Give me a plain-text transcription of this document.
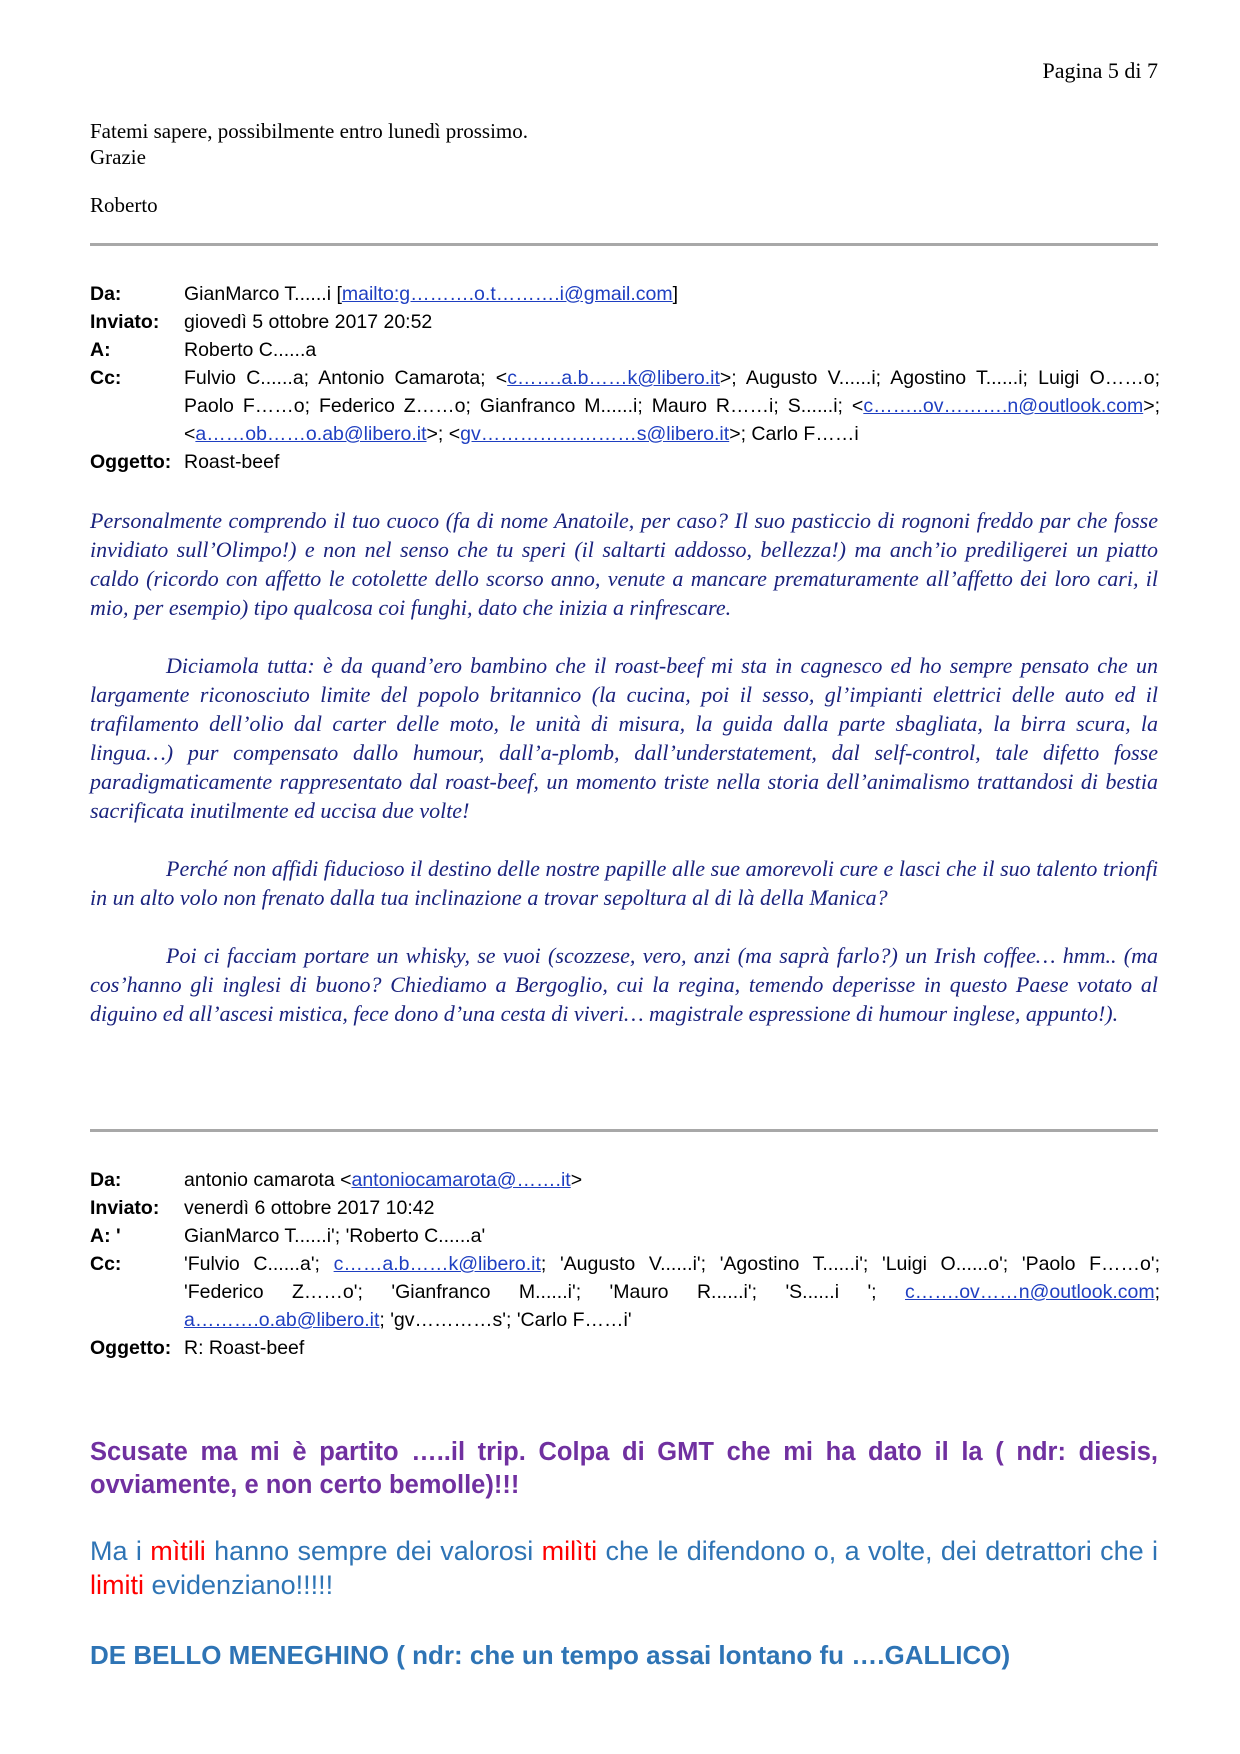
Pagina 5 di 7
Fatemi sapere, possibilmente entro lunedì prossimo.
Grazie
Roberto
Da:	GianMarco T......i [mailto:g……….o.t……….i@gmail.com]
Inviato:	giovedì 5 ottobre 2017 20:52
A:	Roberto C......a
Cc:	Fulvio C......a; Antonio Camarota; <c…….a.b……k@libero.it>; Augusto V......i; Agostino T......i; Luigi O……o;
Paolo F……o; Federico Z……o; Gianfranco M......i; Mauro R……i; S......i; <c……..ov……….n@outlook.com>;
<a……ob……o.ab@libero.it>; <gv……………………s@libero.it>; Carlo F……i
Oggetto: Roast-beef

Personalmente comprendo il tuo cuoco (fa di nome Anatoile, per caso? Il suo pasticcio di rognoni freddo par che fosse invidiato sull’Olimpo!) e non nel senso che tu speri (il saltarti addosso, bellezza!) ma anch’io prediligerei un piatto caldo (ricordo con affetto le cotolette dello scorso anno, venute a mancare prematuramente all’affetto dei loro cari, il mio, per esempio) tipo qualcosa coi funghi, dato che inizia a rinfrescare.

Diciamola tutta: è da quand’ero bambino che il roast-beef mi sta in cagnesco ed ho sempre pensato che un largamente riconosciuto limite del popolo britannico (la cucina, poi il sesso, gl’impianti elettrici delle auto ed il trafilamento dell’olio dal carter delle moto, le unità di misura, la guida dalla parte sbagliata, la birra scura, la lingua…) pur compensato dallo humour, dall’a-plomb, dall’understatement, dal self-control, tale difetto fosse paradigmaticamente rappresentato dal roast-beef, un momento triste nella storia dell’animalismo trattandosi di bestia sacrificata inutilmente ed uccisa due volte!

Perché non affidi fiducioso il destino delle nostre papille alle sue amorevoli cure e lasci che il suo talento trionfi in un alto volo non frenato dalla tua inclinazione a trovar sepoltura al di là della Manica?

Poi ci facciam portare un whisky, se vuoi (scozzese, vero, anzi (ma saprà farlo?) un Irish coffee… hmm.. (ma cos’hanno gli inglesi di buono? Chiediamo a Bergoglio, cui la regina, temendo deperisse in questo Paese votato al diguino ed all’ascesi mistica, fece dono d’una cesta di viveri… magistrale espressione di humour inglese, appunto!).

Da:	antonio camarota <antoniocamarota@…….it>
Inviato:	venerdì 6 ottobre 2017 10:42
A: '	GianMarco T......i'; 'Roberto C......a'
Cc:	'Fulvio C......a'; c……a.b……k@libero.it; 'Augusto V......i'; 'Agostino T......i'; 'Luigi O......o'; 'Paolo F……o';
'Federico Z……o'; 'Gianfranco M......i'; 'Mauro R......i'; 'S......i '; c…….ov……n@outlook.com;
a……….o.ab@libero.it; 'gv…………s'; 'Carlo F……i'
Oggetto: R: Roast-beef
Scusate ma mi è partito …..il trip. Colpa di GMT che mi ha dato il la ( ndr: diesis, ovviamente, e non certo bemolle)!!!
Ma i mìtili hanno sempre dei valorosi milìti che le difendono o, a volte, dei detrattori che i limiti evidenziano!!!!!
DE BELLO MENEGHINO ( ndr: che un tempo assai lontano fu ….GALLICO)
